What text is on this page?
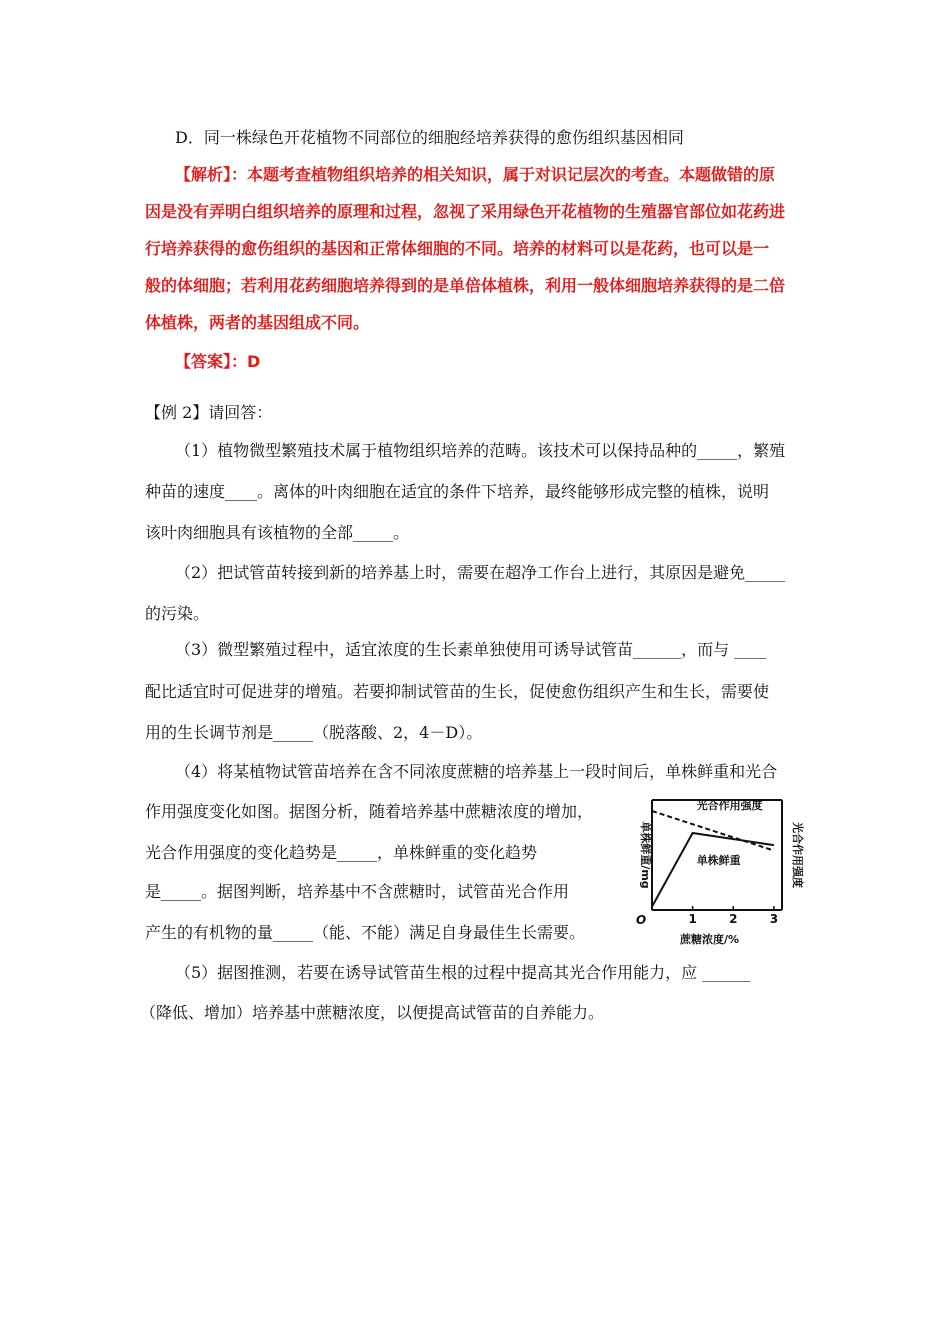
D．同一株绿色开花植物不同部位的细胞经培养获得的愈伤组织基因相同
【解析】：本题考查植物组织培养的相关知识，属于对识记层次的考查。本题做错的原
因是没有弄明白组织培养的原理和过程，忽视了采用绿色开花植物的生殖器官部位如花药进
行培养获得的愈伤组织的基因和正常体细胞的不同。培养的材料可以是花药，也可以是一
般的体细胞；若利用花药细胞培养得到的是单倍体植株，利用一般体细胞培养获得的是二倍
体植株，两者的基因组成不同。
【答案】：D
【例 2】请回答：
（1）植物微型繁殖技术属于植物组织培养的范畴。该技术可以保持品种的_____，繁殖
种苗的速度____。离体的叶肉细胞在适宜的条件下培养，最终能够形成完整的植株，说明
该叶肉细胞具有该植物的全部_____。
（2）把试管苗转接到新的培养基上时，需要在超净工作台上进行，其原因是避免_____
的污染。
（3）微型繁殖过程中，适宜浓度的生长素单独使用可诱导试管苗______，而与 ____
配比适宜时可促进芽的增殖。若要抑制试管苗的生长，促使愈伤组织产生和生长，需要使
用的生长调节剂是_____（脱落酸、2，4－D）。
（4）将某植物试管苗培养在含不同浓度蔗糖的培养基上一段时间后，单株鲜重和光合
作用强度变化如图。据图分析，随着培养基中蔗糖浓度的增加，
光合作用强度的变化趋势是_____，单株鲜重的变化趋势
是_____。据图判断，培养基中不含蔗糖时，试管苗光合作用
产生的有机物的量_____（能、不能）满足自身最佳生长需要。
（5）据图推测，若要在诱导试管苗生根的过程中提高其光合作用能力，应 ______
（降低、增加）培养基中蔗糖浓度，以便提高试管苗的自养能力。
1	2	3
光合作用强度
单株鲜重
O
蔗糖浓度/%
单株鲜重/mg	光合作用强度
